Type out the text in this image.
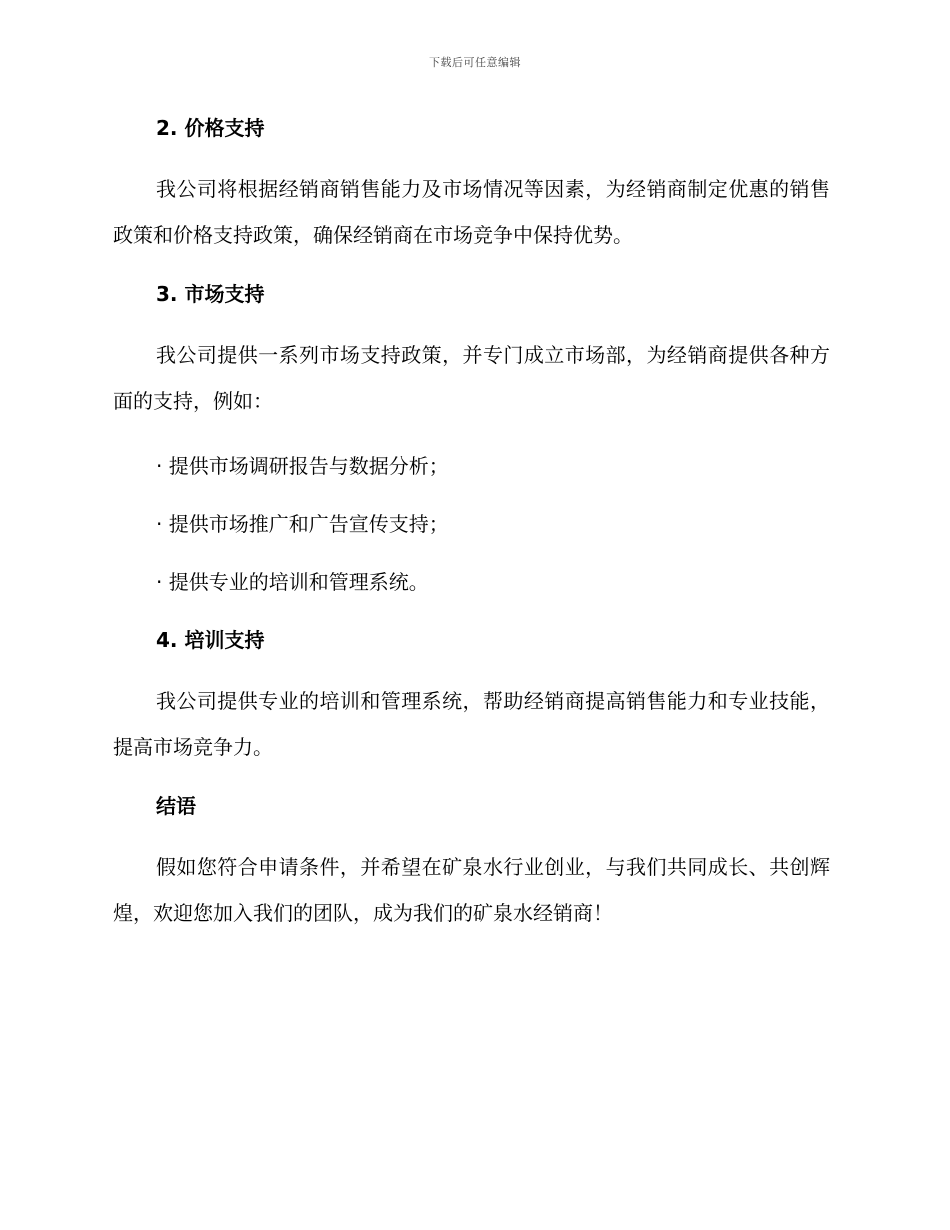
下载后可任意编辑
2. 价格支持

我公司将根据经销商销售能力及市场情况等因素，为经销商制定优惠的销售政策和价格支持政策，确保经销商在市场竞争中保持优势。

3. 市场支持

我公司提供一系列市场支持政策，并专门成立市场部，为经销商提供各种方面的支持，例如：

· 提供市场调研报告与数据分析；

· 提供市场推广和广告宣传支持；

· 提供专业的培训和管理系统。

4. 培训支持

我公司提供专业的培训和管理系统，帮助经销商提高销售能力和专业技能，提高市场竞争力。

结语

假如您符合申请条件，并希望在矿泉水行业创业，与我们共同成长、共创辉煌，欢迎您加入我们的团队，成为我们的矿泉水经销商！
